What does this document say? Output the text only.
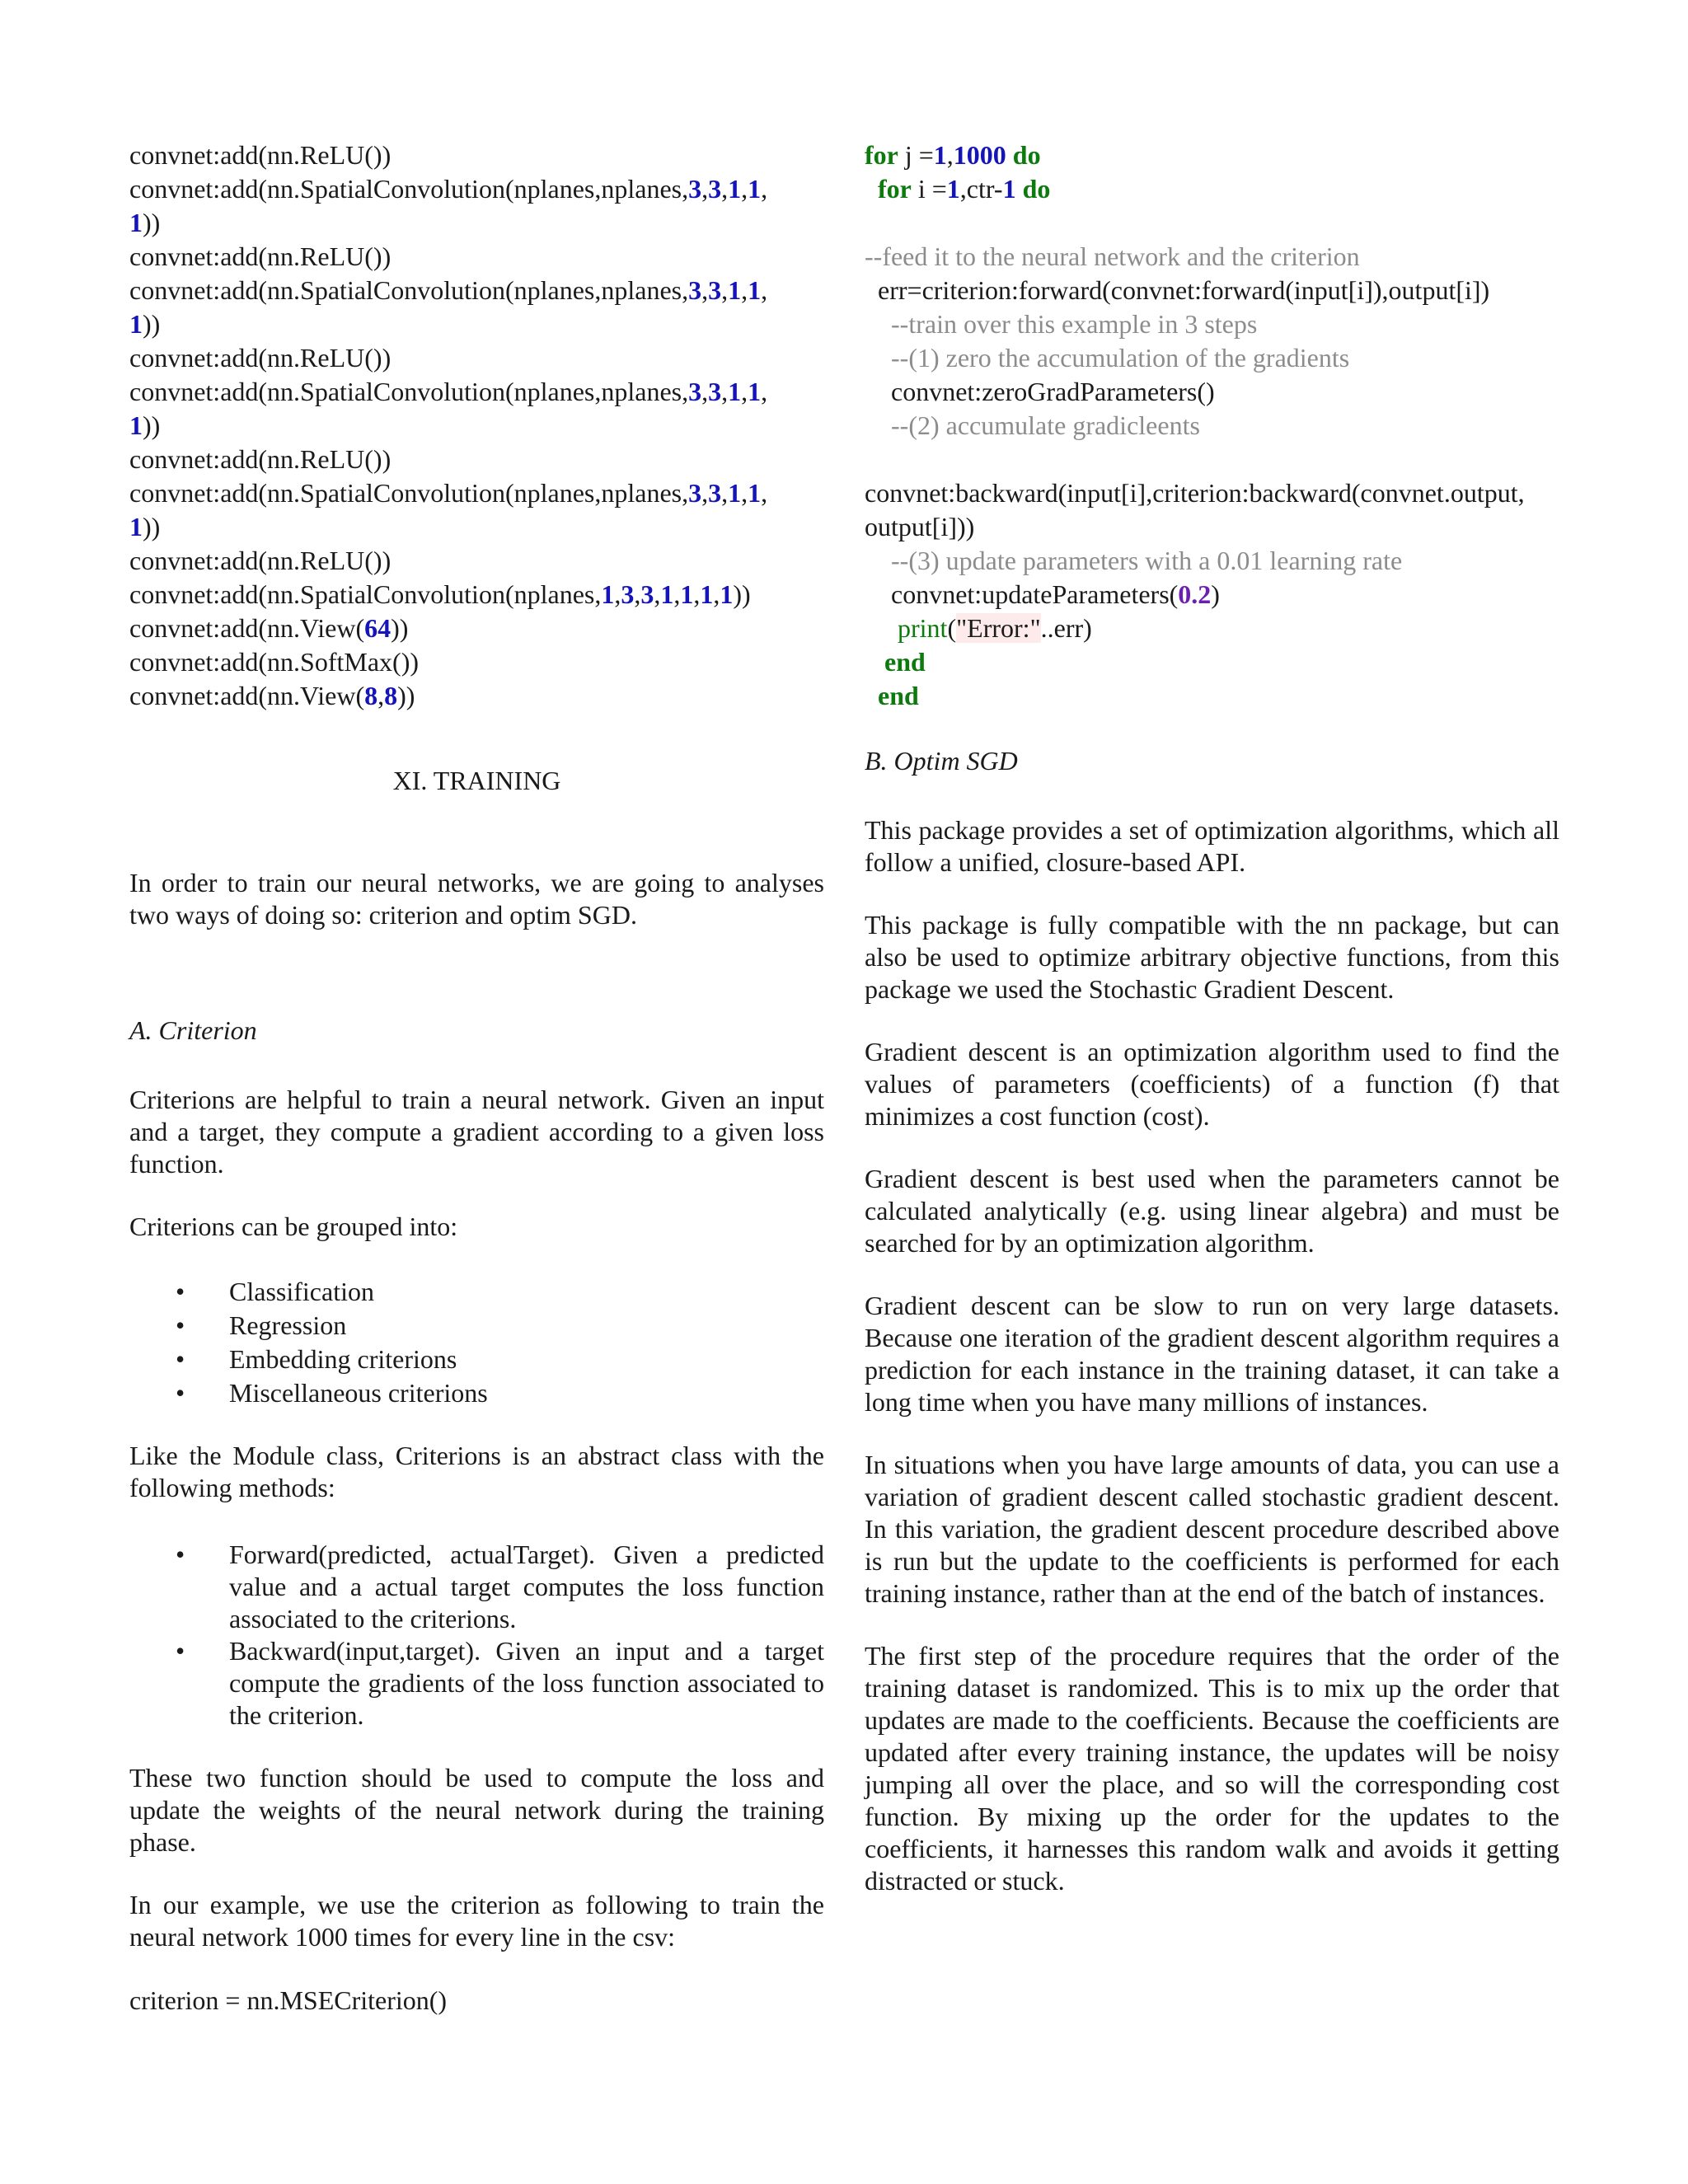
convnet:add(nn.ReLU())
convnet:add(nn.SpatialConvolution(nplanes,nplanes,3,3,1,1,
1))
convnet:add(nn.ReLU())
convnet:add(nn.SpatialConvolution(nplanes,nplanes,3,3,1,1,
1))
convnet:add(nn.ReLU())
convnet:add(nn.SpatialConvolution(nplanes,nplanes,3,3,1,1,
1))
convnet:add(nn.ReLU())
convnet:add(nn.SpatialConvolution(nplanes,nplanes,3,3,1,1,
1))
convnet:add(nn.ReLU())
convnet:add(nn.SpatialConvolution(nplanes,1,3,3,1,1,1,1))
convnet:add(nn.View(64))
convnet:add(nn.SoftMax())
convnet:add(nn.View(8,8))
XI. TRAINING

In order to train our neural networks, we are going to analyses two ways of doing so: criterion and optim SGD.

A. Criterion

Criterions are helpful to train a neural network. Given an input and a target, they compute a gradient according to a given loss function.

Criterions can be grouped into:

• Classification
• Regression
• Embedding criterions
• Miscellaneous criterions

Like the Module class, Criterions is an abstract class with the following methods:

• Forward(predicted, actualTarget). Given a predicted value and a actual target computes the loss function associated to the criterions.
• Backward(input,target). Given an input and a target compute the gradients of the loss function associated to the criterion.

These two function should be used to compute the loss and update the weights of the neural network during the training phase.

In our example, we use the criterion as following to train the neural network 1000 times for every line in the csv:

criterion = nn.MSECriterion()
for j =1,1000 do
for i =1,ctr-1 do

--feed it to the neural network and the criterion
err=criterion:forward(convnet:forward(input[i]),output[i])
--train over this example in 3 steps
--(1) zero the accumulation of the gradients
convnet:zeroGradParameters()
--(2) accumulate gradicleents

convnet:backward(input[i],criterion:backward(convnet.output,
output[i]))
--(3) update parameters with a 0.01 learning rate
convnet:updateParameters(0.2)
print("Error:"..err)
end
end
B. Optim SGD

This package provides a set of optimization algorithms, which all follow a unified, closure-based API.

This package is fully compatible with the nn package, but can also be used to optimize arbitrary objective functions, from this package we used the Stochastic Gradient Descent.

Gradient descent is an optimization algorithm used to find the values of parameters (coefficients) of a function (f) that minimizes a cost function (cost).

Gradient descent is best used when the parameters cannot be calculated analytically (e.g. using linear algebra) and must be searched for by an optimization algorithm.

Gradient descent can be slow to run on very large datasets. Because one iteration of the gradient descent algorithm requires a prediction for each instance in the training dataset, it can take a long time when you have many millions of instances.

In situations when you have large amounts of data, you can use a variation of gradient descent called stochastic gradient descent. In this variation, the gradient descent procedure described above is run but the update to the coefficients is performed for each training instance, rather than at the end of the batch of instances.

The first step of the procedure requires that the order of the training dataset is randomized. This is to mix up the order that updates are made to the coefficients. Because the coefficients are updated after every training instance, the updates will be noisy jumping all over the place, and so will the corresponding cost function. By mixing up the order for the updates to the coefficients, it harnesses this random walk and avoids it getting distracted or stuck.
